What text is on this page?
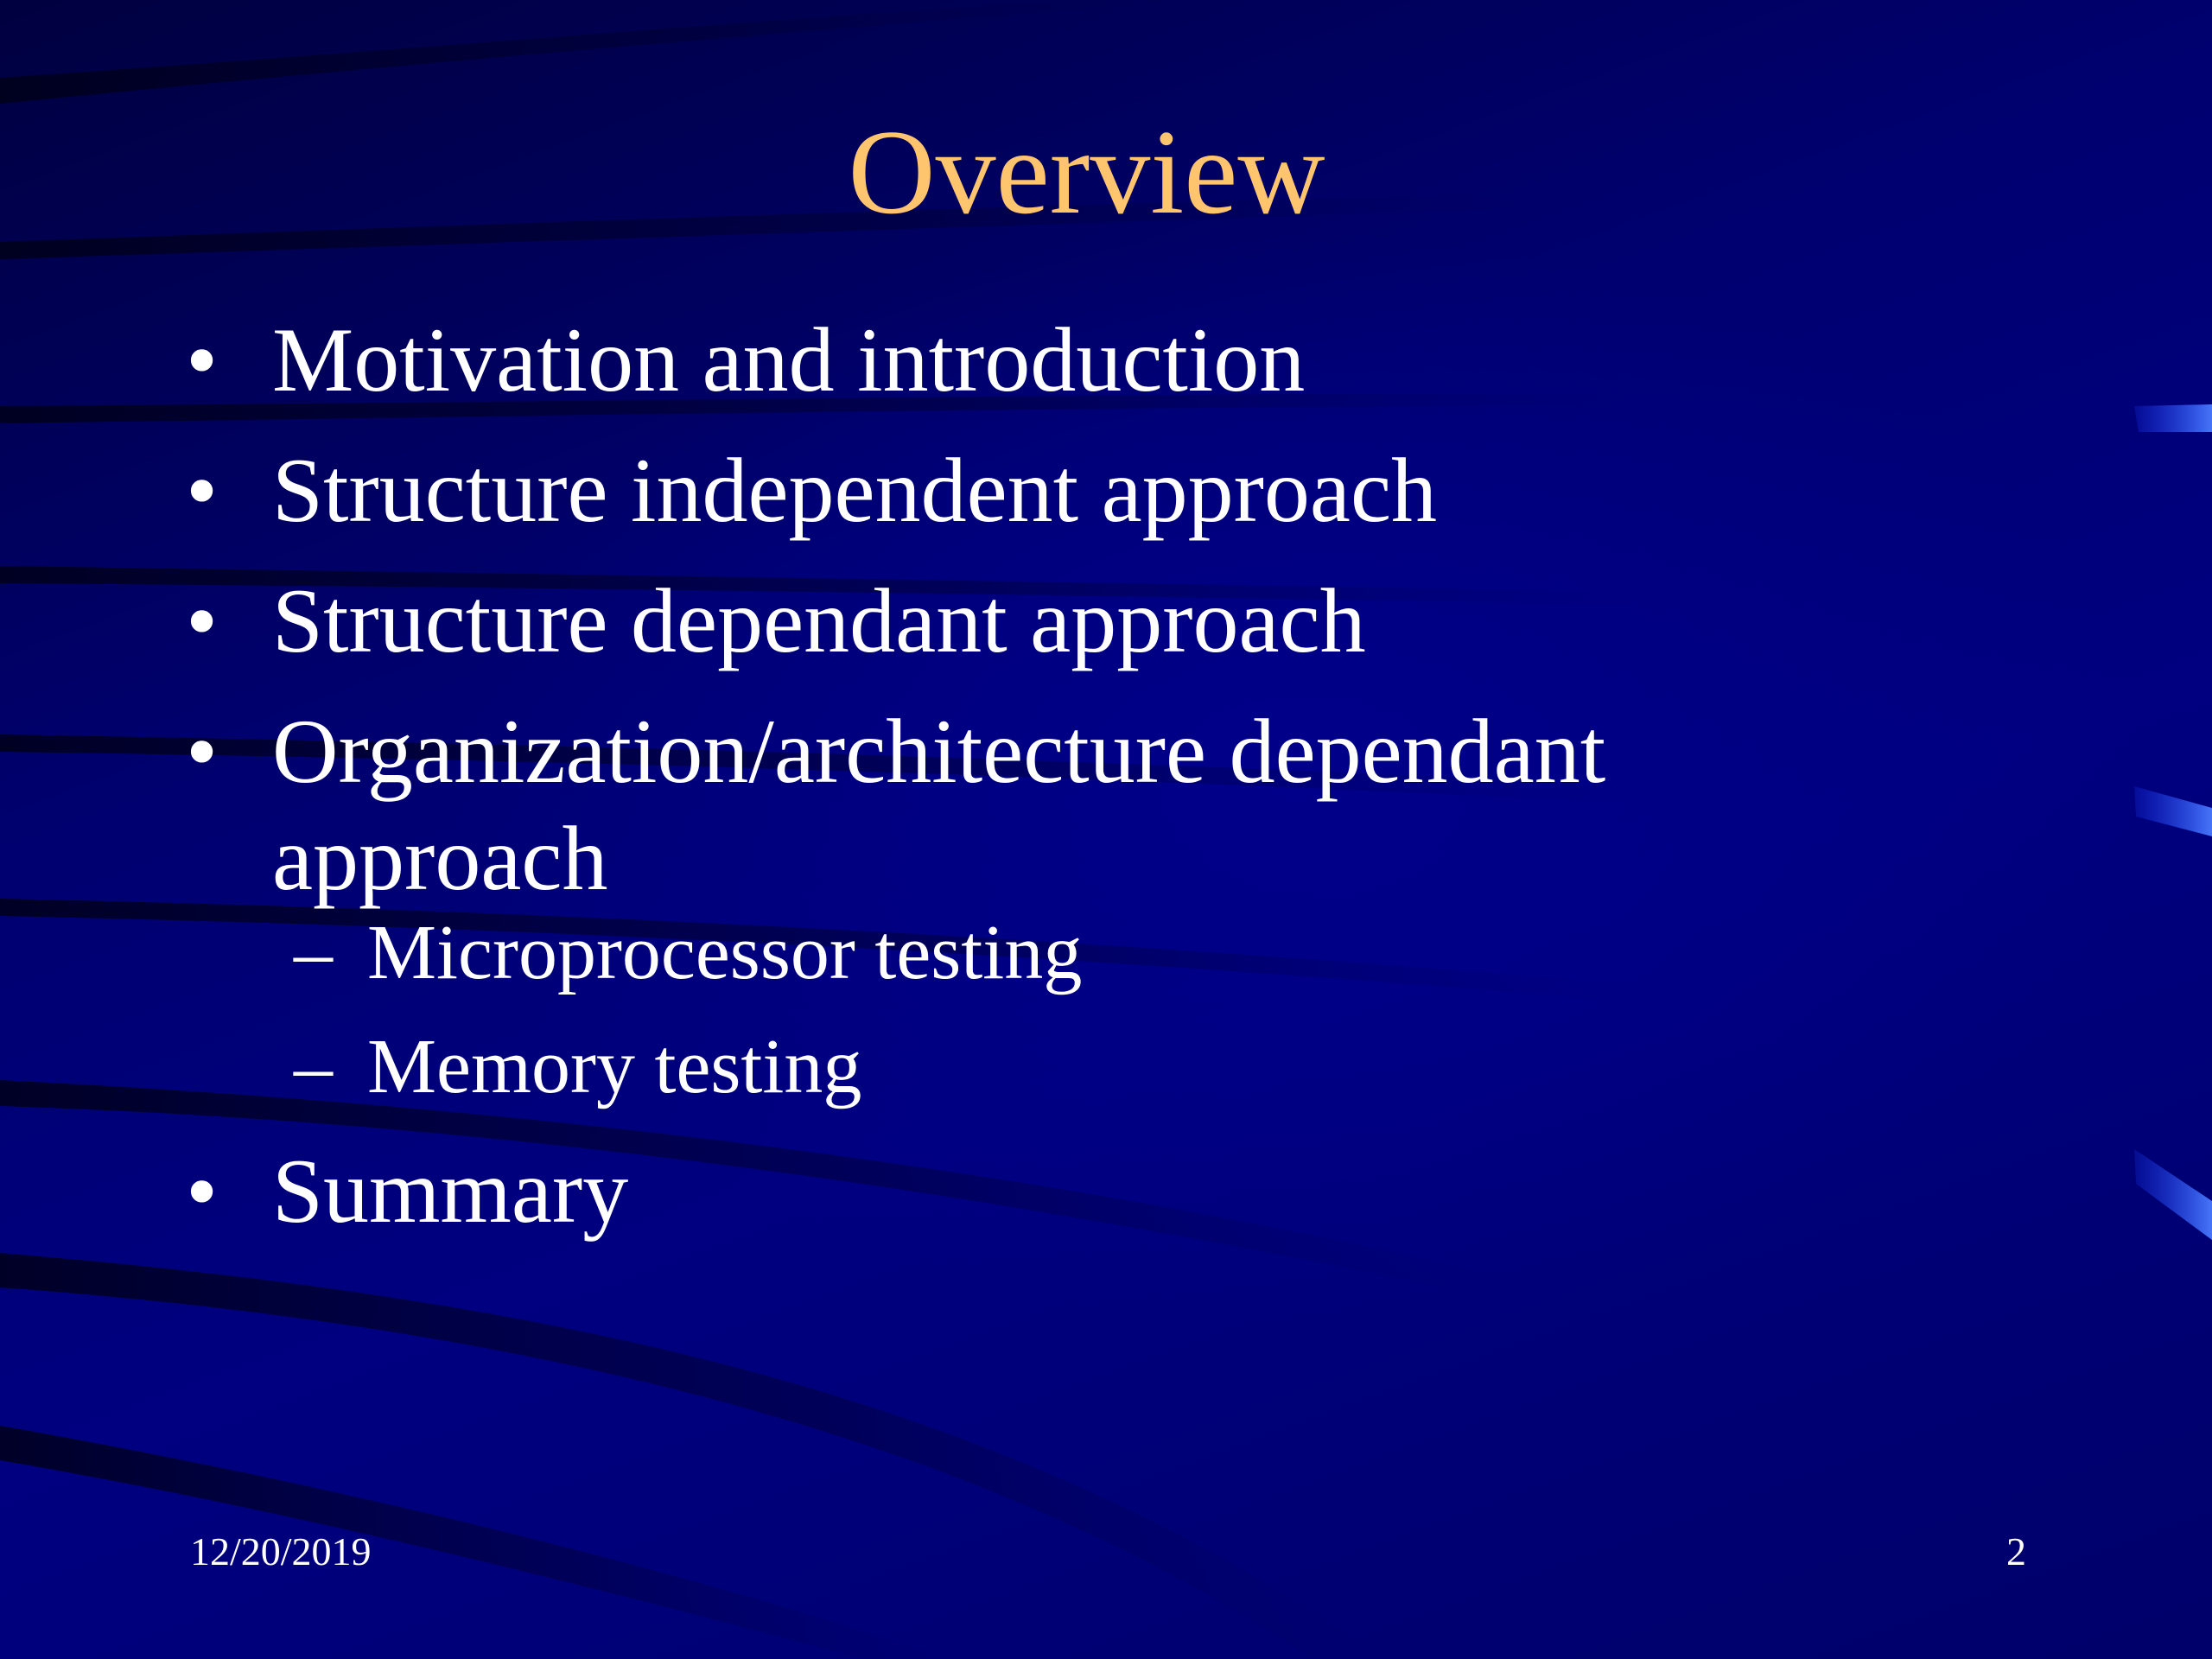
Overview
• Motivation and introduction
• Structure independent approach
• Structure dependant approach
• Organization/architecture dependant approach
– Microprocessor testing
– Memory testing
• Summary
12/20/2019	2
